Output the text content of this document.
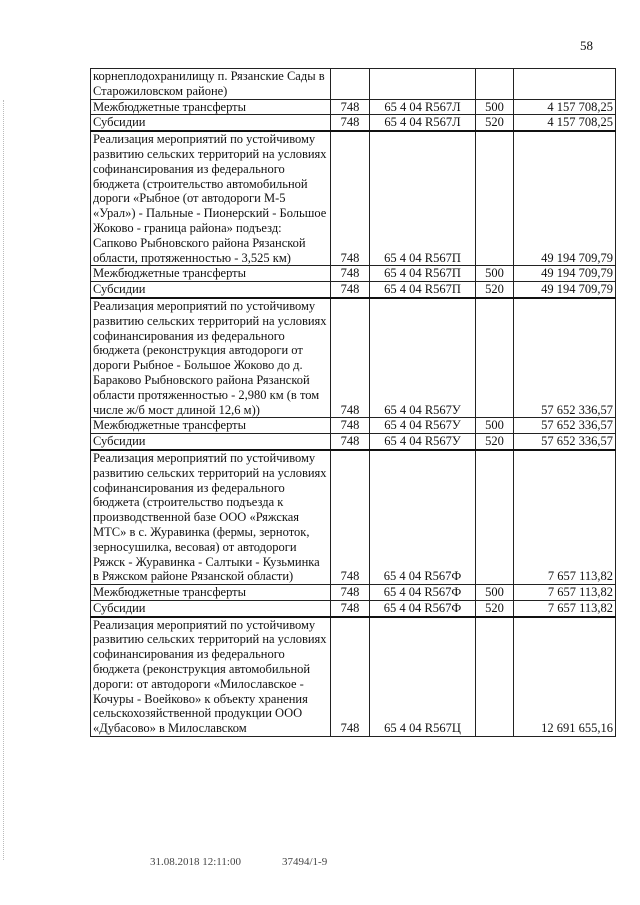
58
корнеплодохранилищу п. Рязанские Сады в Старожиловском районе)				
Межбюджетные трансферты	748	65 4 04 R567Л	500	4 157 708,25
Субсидии	748	65 4 04 R567Л	520	4 157 708,25
Реализация мероприятий по устойчивому развитию сельских территорий на условиях софинансирования из федерального бюджета (строительство автомобильной дороги «Рыбное (от автодороги М-5 «Урал») - Пальные - Пионерский - Большое Жоково - граница района» подъезд: Сапково Рыбновского района Рязанской области, протяженностью - 3,525 км)	748	65 4 04 R567П		49 194 709,79
Межбюджетные трансферты	748	65 4 04 R567П	500	49 194 709,79
Субсидии	748	65 4 04 R567П	520	49 194 709,79
Реализация мероприятий по устойчивому развитию сельских территорий на условиях софинансирования из федерального бюджета (реконструкция автодороги от дороги Рыбное - Большое Жоково до д. Бараково Рыбновского района Рязанской области протяженностью - 2,980 км (в том числе ж/б мост длиной 12,6 м))	748	65 4 04 R567У		57 652 336,57
Межбюджетные трансферты	748	65 4 04 R567У	500	57 652 336,57
Субсидии	748	65 4 04 R567У	520	57 652 336,57
Реализация мероприятий по устойчивому развитию сельских территорий на условиях софинансирования из федерального бюджета (строительство подъезда к производственной базе ООО «Ряжская МТС» в с. Журавинка (фермы, зерноток, зерносушилка, весовая) от автодороги Ряжск - Журавинка - Салтыки - Кузьминка в Ряжском районе Рязанской области)	748	65 4 04 R567Ф		7 657 113,82
Межбюджетные трансферты	748	65 4 04 R567Ф	500	7 657 113,82
Субсидии	748	65 4 04 R567Ф	520	7 657 113,82
Реализация мероприятий по устойчивому развитию сельских территорий на условиях софинансирования из федерального бюджета (реконструкция автомобильной дороги: от автодороги «Милославское - Кочуры - Воейково» к объекту хранения сельскохозяйственной продукции ООО «Дубасово» в Милославском	748	65 4 04 R567Ц		12 691 655,16
31.08.2018 12:11:00	37494/1-9
